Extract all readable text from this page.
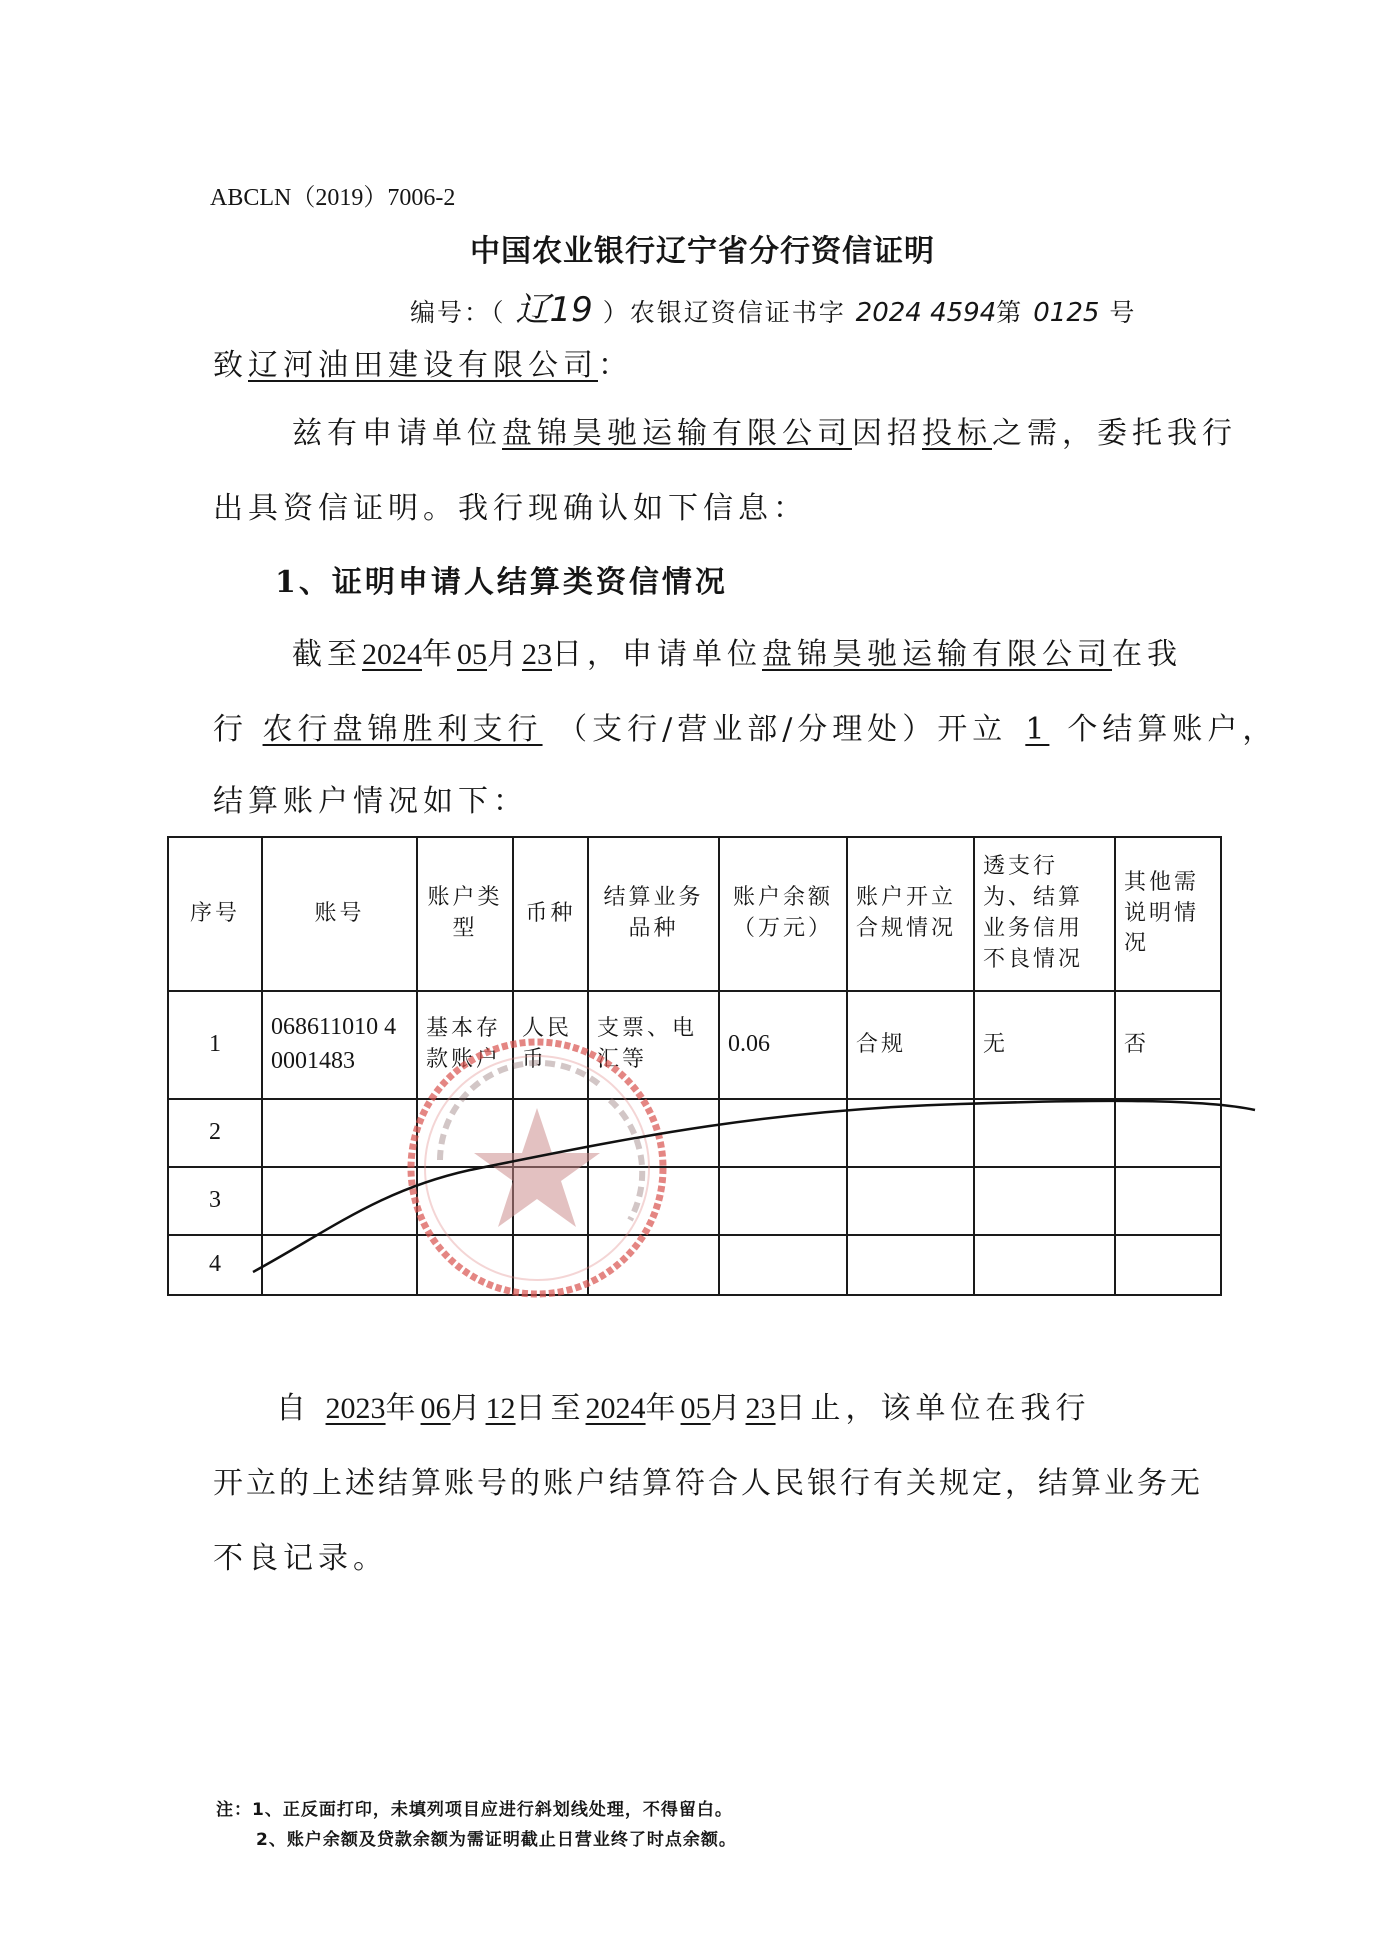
ABCLN（2019）7006-2
中国农业银行辽宁省分行资信证明
编号：（ 辽19 ）农银辽资信证书字 2024 4594第 0125 号
致辽河油田建设有限公司：
兹有申请单位盘锦昊驰运输有限公司因招投标之需，委托我行
出具资信证明。我行现确认如下信息：
1、证明申请人结算类资信情况
截至2024年05月23日，申请单位盘锦昊驰运输有限公司在我
行 农行盘锦胜利支行 （支行/营业部/分理处）开立 1 个结算账户，
结算账户情况如下：
序号	账号	账户类型	币种	结算业务品种	账户余额（万元）	账户开立合规情况	透支行为、结算业务信用不良情况	其他需说明情况
1	068611010 40001483	基本存款账户	人民币	支票、电汇等	0.06	合规	无	否
2								
3								
4								
自 2023年06月12日至2024年05月23日止，该单位在我行
开立的上述结算账号的账户结算符合人民银行有关规定，结算业务无
不良记录。
注：1、正反面打印，未填列项目应进行斜划线处理，不得留白。
2、账户余额及贷款余额为需证明截止日营业终了时点余额。
